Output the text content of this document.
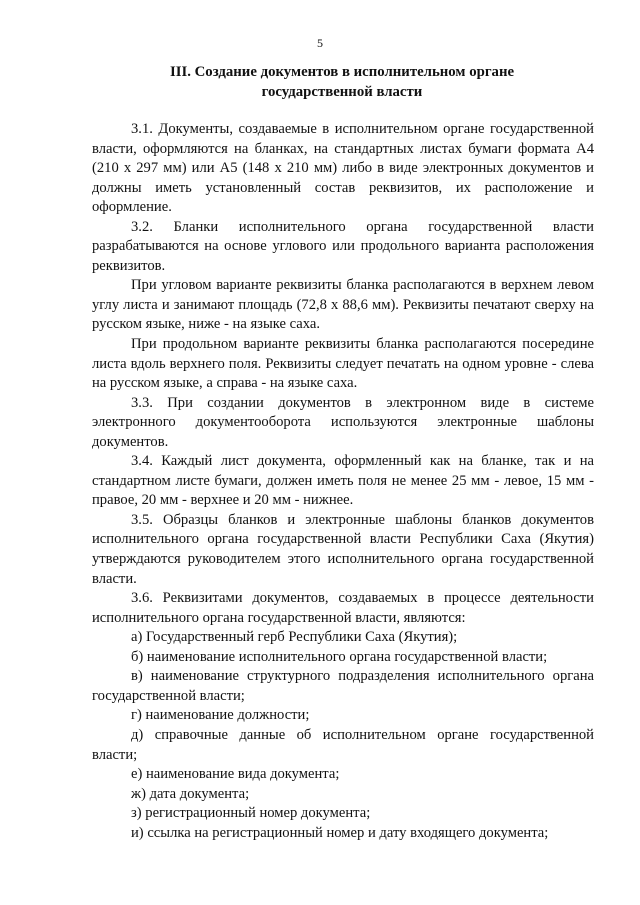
5
III. Создание документов в исполнительном органе
государственной власти

3.1. Документы, создаваемые в исполнительном органе государственной власти, оформляются на бланках, на стандартных листах бумаги формата А4 (210 х 297 мм) или А5 (148 х 210 мм) либо в виде электронных документов и должны иметь установленный состав реквизитов, их расположение и оформление.

3.2. Бланки исполнительного органа государственной власти разрабатываются на основе углового или продольного варианта расположения реквизитов.

При угловом варианте реквизиты бланка располагаются в верхнем левом углу листа и занимают площадь (72,8 х 88,6 мм). Реквизиты печатают сверху на русском языке, ниже - на языке саха.

При продольном варианте реквизиты бланка располагаются посередине листа вдоль верхнего поля. Реквизиты следует печатать на одном уровне - слева на русском языке, а справа - на языке саха.

3.3. При создании документов в электронном виде в системе электронного документооборота используются электронные шаблоны документов.

3.4. Каждый лист документа, оформленный как на бланке, так и на стандартном листе бумаги, должен иметь поля не менее 25 мм - левое, 15 мм - правое, 20 мм - верхнее и 20 мм - нижнее.

3.5. Образцы бланков и электронные шаблоны бланков документов исполнительного органа государственной власти Республики Саха (Якутия) утверждаются руководителем этого исполнительного органа государственной власти.

3.6. Реквизитами документов, создаваемых в процессе деятельности исполнительного органа государственной власти, являются:

а) Государственный герб Республики Саха (Якутия);

б) наименование исполнительного органа государственной власти;

в) наименование структурного подразделения исполнительного органа государственной власти;

г) наименование должности;

д) справочные данные об исполнительном органе государственной власти;

е) наименование вида документа;

ж) дата документа;

з) регистрационный номер документа;

и) ссылка на регистрационный номер и дату входящего документа;
